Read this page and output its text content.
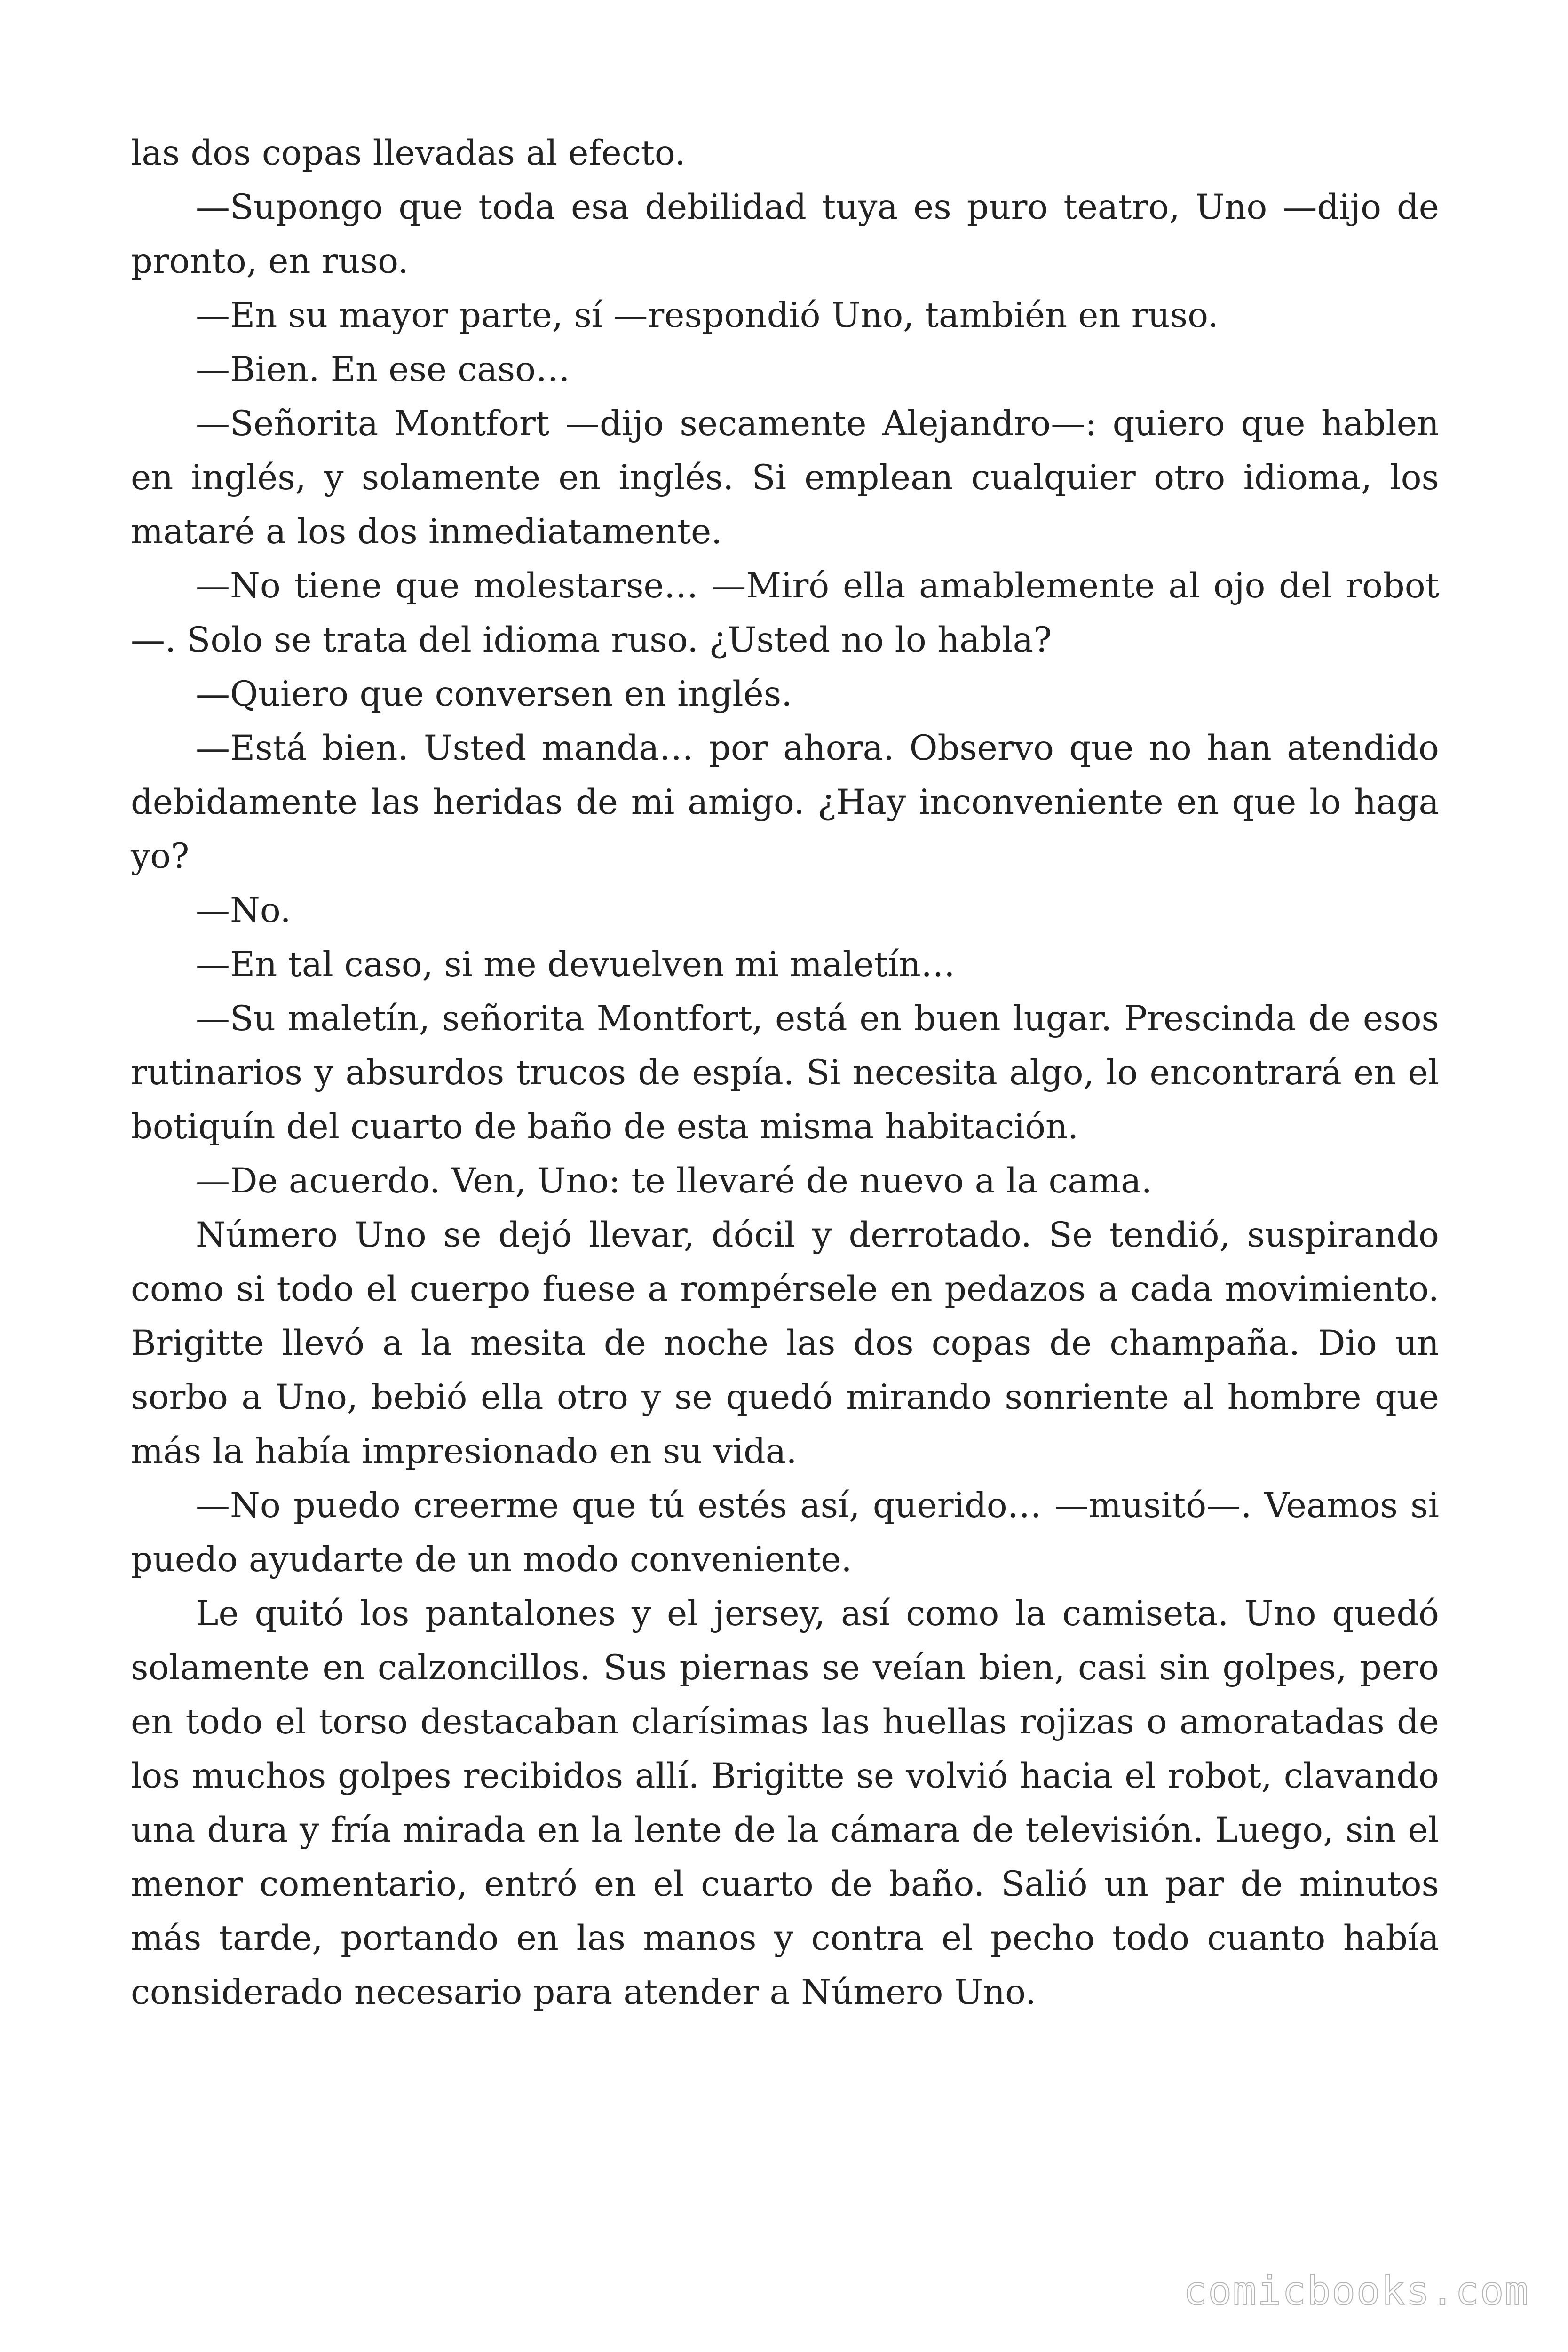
las dos copas llevadas al efecto.

—Supongo que toda esa debilidad tuya es puro teatro, Uno —dijo de pronto, en ruso.

—En su mayor parte, sí —respondió Uno, también en ruso.

—Bien. En ese caso…

—Señorita Montfort —dijo secamente Alejandro—: quiero que hablen en inglés, y solamente en inglés. Si emplean cualquier otro idioma, los mataré a los dos inmediatamente.

—No tiene que molestarse… —Miró ella amablemente al ojo del robot—. Solo se trata del idioma ruso. ¿Usted no lo habla?

—Quiero que conversen en inglés.

—Está bien. Usted manda… por ahora. Observo que no han atendido debidamente las heridas de mi amigo. ¿Hay inconveniente en que lo haga yo?

—No.

—En tal caso, si me devuelven mi maletín…

—Su maletín, señorita Montfort, está en buen lugar. Prescinda de esos rutinarios y absurdos trucos de espía. Si necesita algo, lo encontrará en el botiquín del cuarto de baño de esta misma habitación.

—De acuerdo. Ven, Uno: te llevaré de nuevo a la cama.

Número Uno se dejó llevar, dócil y derrotado. Se tendió, suspirando como si todo el cuerpo fuese a rompérsele en pedazos a cada movimiento. Brigitte llevó a la mesita de noche las dos copas de champaña. Dio un sorbo a Uno, bebió ella otro y se quedó mirando sonriente al hombre que más la había impresionado en su vida.

—No puedo creerme que tú estés así, querido… —musitó—. Veamos si puedo ayudarte de un modo conveniente.

Le quitó los pantalones y el jersey, así como la camiseta. Uno quedó solamente en calzoncillos. Sus piernas se veían bien, casi sin golpes, pero en todo el torso destacaban clarísimas las huellas rojizas o amoratadas de los muchos golpes recibidos allí. Brigitte se volvió hacia el robot, clavando una dura y fría mirada en la lente de la cámara de televisión. Luego, sin el menor comentario, entró en el cuarto de baño. Salió un par de minutos más tarde, portando en las manos y contra el pecho todo cuanto había considerado necesario para atender a Número Uno.

comicbooks.com
